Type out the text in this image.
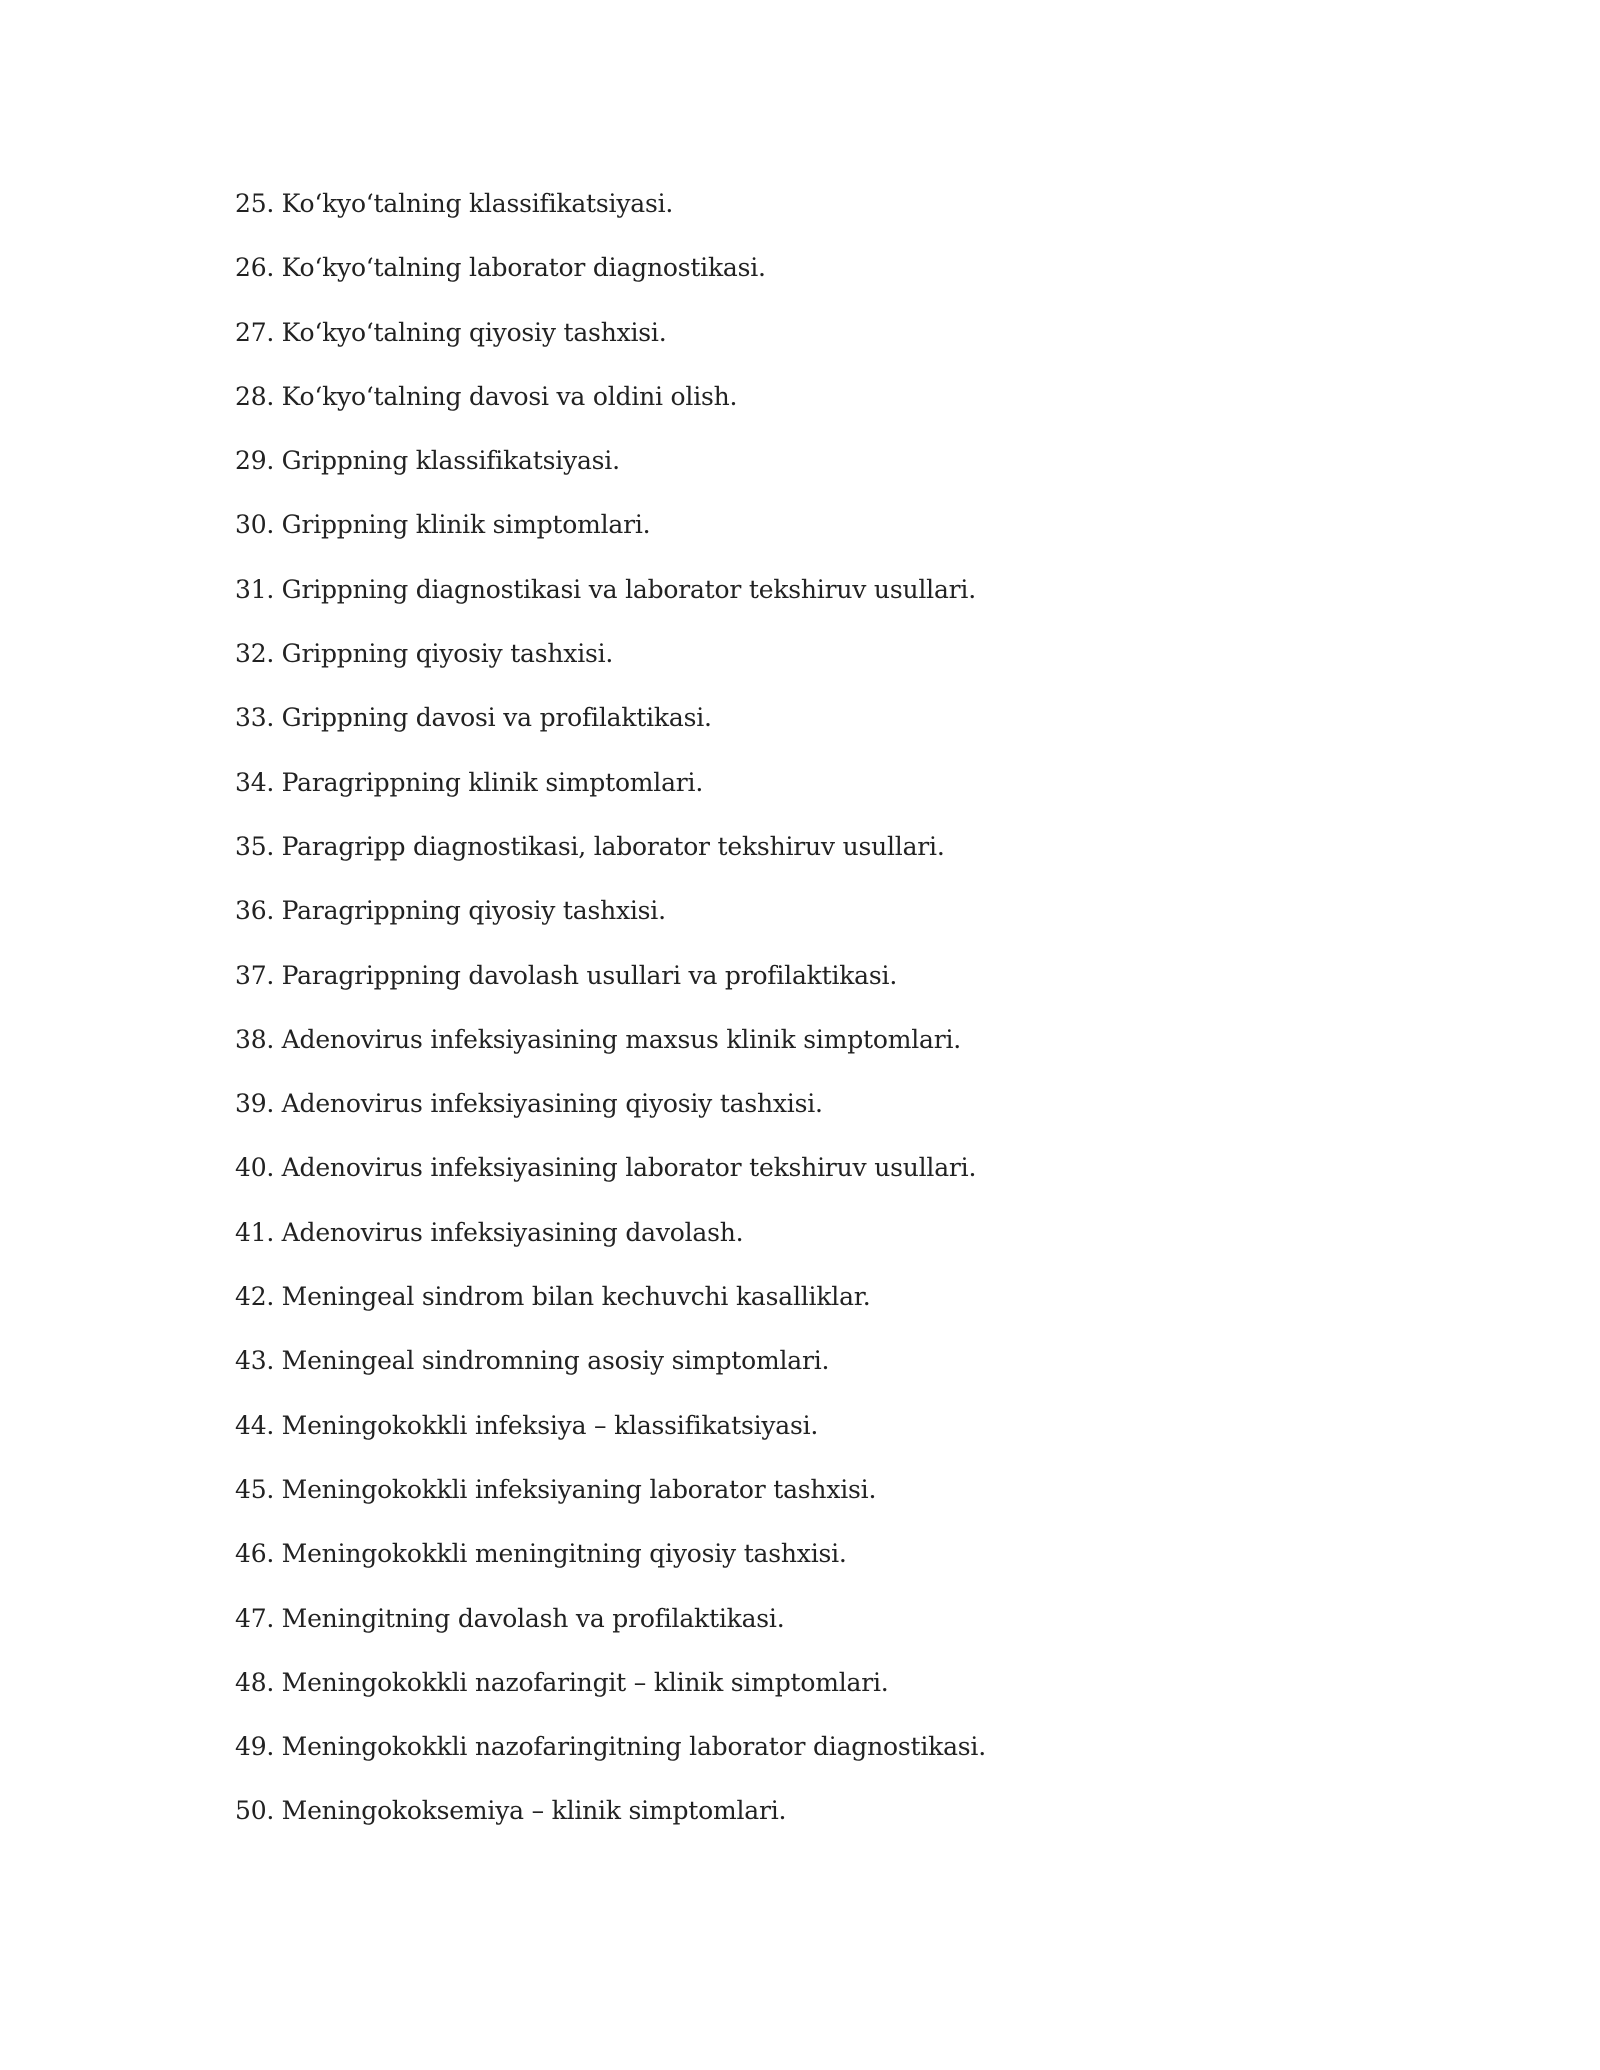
25. Ko‘kyo‘talning klassifikatsiyasi.
26. Ko‘kyo‘talning laborator diagnostikasi.
27. Ko‘kyo‘talning qiyosiy tashxisi.
28. Ko‘kyo‘talning davosi va oldini olish.
29. Grippning klassifikatsiyasi.
30. Grippning klinik simptomlari.
31. Grippning diagnostikasi va laborator tekshiruv usullari.
32. Grippning qiyosiy tashxisi.
33. Grippning davosi va profilaktikasi.
34. Paragrippning klinik simptomlari.
35. Paragripp diagnostikasi, laborator tekshiruv usullari.
36. Paragrippning qiyosiy tashxisi.
37. Paragrippning davolash usullari va profilaktikasi.
38. Adenovirus infeksiyasining maxsus klinik simptomlari.
39. Adenovirus infeksiyasining qiyosiy tashxisi.
40. Adenovirus infeksiyasining laborator tekshiruv usullari.
41. Adenovirus infeksiyasining davolash.
42. Meningeal sindrom bilan kechuvchi kasalliklar.
43. Meningeal sindromning asosiy simptomlari.
44. Meningokokkli infeksiya – klassifikatsiyasi.
45. Meningokokkli infeksiyaning laborator tashxisi.
46. Meningokokkli meningitning qiyosiy tashxisi.
47. Meningitning davolash va profilaktikasi.
48. Meningokokkli nazofaringit – klinik simptomlari.
49. Meningokokkli nazofaringitning laborator diagnostikasi.
50. Meningokoksemiya – klinik simptomlari.
